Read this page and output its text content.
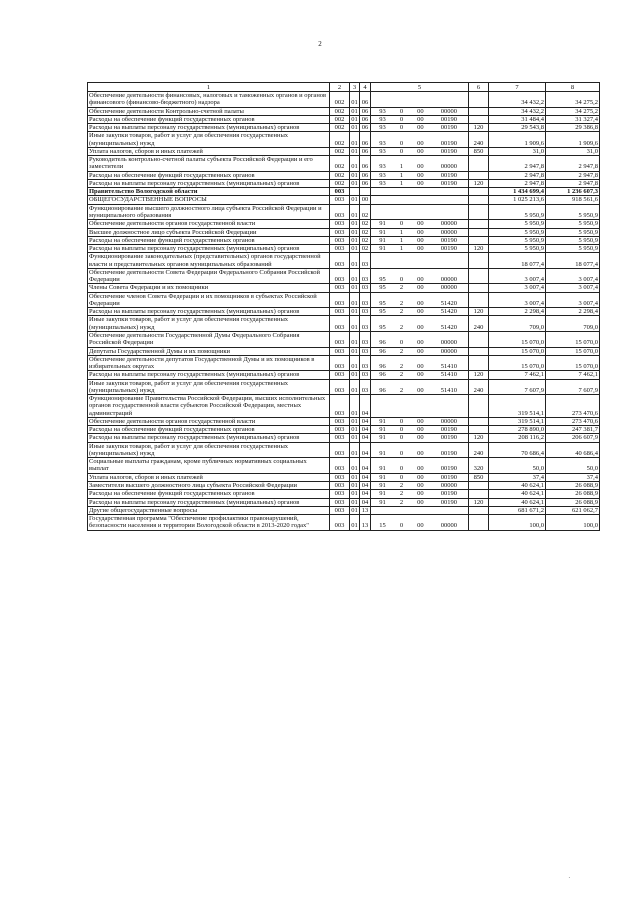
2
1	2	3	4	5	6	7	8
Обеспечение деятельности финансовых, налоговых и таможенных органов и органов финансового (финансово-бюджетного) надзора	002	01	06			34 432,2	34 275,2
Обеспечение деятельности Контрольно-счетной палаты	002	01	06	93 0 00 00000		34 432,2	34 275,2
Расходы на обеспечение функций государственных органов	002	01	06	93 0 00 00190		31 484,4	31 327,4
Расходы на выплаты персоналу государственных (муниципальных) органов	002	01	06	93 0 00 00190	120	29 543,8	29 386,8
Иные закупки товаров, работ и услуг для обеспечения государственных (муниципальных) нужд	002	01	06	93 0 00 00190	240	1 909,6	1 909,6
Уплата налогов, сборов и иных платежей	002	01	06	93 0 00 00190	850	31,0	31,0
Руководитель контрольно-счетной палаты субъекта Российской Федерации и его заместители	002	01	06	93 1 00 00000		2 947,8	2 947,8
Расходы на обеспечение функций государственных органов	002	01	06	93 1 00 00190		2 947,8	2 947,8
Расходы на выплаты персоналу государственных (муниципальных) органов	002	01	06	93 1 00 00190	120	2 947,8	2 947,8
Правительство Вологодской области	003					1 434 699,4	1 236 607,3
ОБЩЕГОСУДАРСТВЕННЫЕ ВОПРОСЫ	003	01	00			1 025 213,6	918 561,6
Функционирование высшего должностного лица субъекта Российской Федерации и муниципального образования	003	01	02			5 950,9	5 950,9
Обеспечение деятельности органов государственной власти	003	01	02	91 0 00 00000		5 950,9	5 950,9
Высшее должностное лицо субъекта Российской Федерации	003	01	02	91 1 00 00000		5 950,9	5 950,9
Расходы на обеспечение функций государственных органов	003	01	02	91 1 00 00190		5 950,9	5 950,9
Расходы на выплаты персоналу государственных (муниципальных) органов	003	01	02	91 1 00 00190	120	5 950,9	5 950,9
Функционирование законодательных (представительных) органов государственной власти и представительных органов муниципальных образований	003	01	03			18 077,4	18 077,4
Обеспечение деятельности Совета Федерации Федерального Собрания Российской Федерации	003	01	03	95 0 00 00000		3 007,4	3 007,4
Члены Совета Федерации и их помощники	003	01	03	95 2 00 00000		3 007,4	3 007,4
Обеспечение членов Совета Федерации и их помощников в субъектах Российской Федерации	003	01	03	95 2 00 51420		3 007,4	3 007,4
Расходы на выплаты персоналу государственных (муниципальных) органов	003	01	03	95 2 00 51420	120	2 298,4	2 298,4
Иные закупки товаров, работ и услуг для обеспечения государственных (муниципальных) нужд	003	01	03	95 2 00 51420	240	709,0	709,0
Обеспечение деятельности Государственной Думы Федерального Собрания Российской Федерации	003	01	03	96 0 00 00000		15 070,0	15 070,0
Депутаты Государственной Думы и их помощники	003	01	03	96 2 00 00000		15 070,0	15 070,0
Обеспечение деятельности депутатов Государственной Думы и их помощников в избирательных округах	003	01	03	96 2 00 51410		15 070,0	15 070,0
Расходы на выплаты персоналу государственных (муниципальных) органов	003	01	03	96 2 00 51410	120	7 462,1	7 462,1
Иные закупки товаров, работ и услуг для обеспечения государственных (муниципальных) нужд	003	01	03	96 2 00 51410	240	7 607,9	7 607,9
Функционирование Правительства Российской Федерации, высших исполнительных органов государственной власти субъектов Российской Федерации, местных администраций	003	01	04			319 514,1	273 470,6
Обеспечение деятельности органов государственной власти	003	01	04	91 0 00 00000		319 514,1	273 470,6
Расходы на обеспечение функций государственных органов	003	01	04	91 0 00 00190		278 890,0	247 381,7
Расходы на выплаты персоналу государственных (муниципальных) органов	003	01	04	91 0 00 00190	120	208 116,2	206 607,9
Иные закупки товаров, работ и услуг для обеспечения государственных (муниципальных) нужд	003	01	04	91 0 00 00190	240	70 686,4	40 686,4
Социальные выплаты гражданам, кроме публичных нормативных социальных выплат	003	01	04	91 0 00 00190	320	50,0	50,0
Уплата налогов, сборов и иных платежей	003	01	04	91 0 00 00190	850	37,4	37,4
Заместители высшего должностного лица субъекта Российской Федерации	003	01	04	91 2 00 00000		40 624,1	26 088,9
Расходы на обеспечение функций государственных органов	003	01	04	91 2 00 00190		40 624,1	26 088,9
Расходы на выплаты персоналу государственных (муниципальных) органов	003	01	04	91 2 00 00190	120	40 624,1	26 088,9
Другие общегосударственные вопросы	003	01	13			681 671,2	621 062,7
Государственная программа "Обеспечение профилактики правонарушений, безопасности населения и территории Вологодской области в 2013-2020 годах"	003	01	13	15 0 00 00000		100,0	100,0
.
